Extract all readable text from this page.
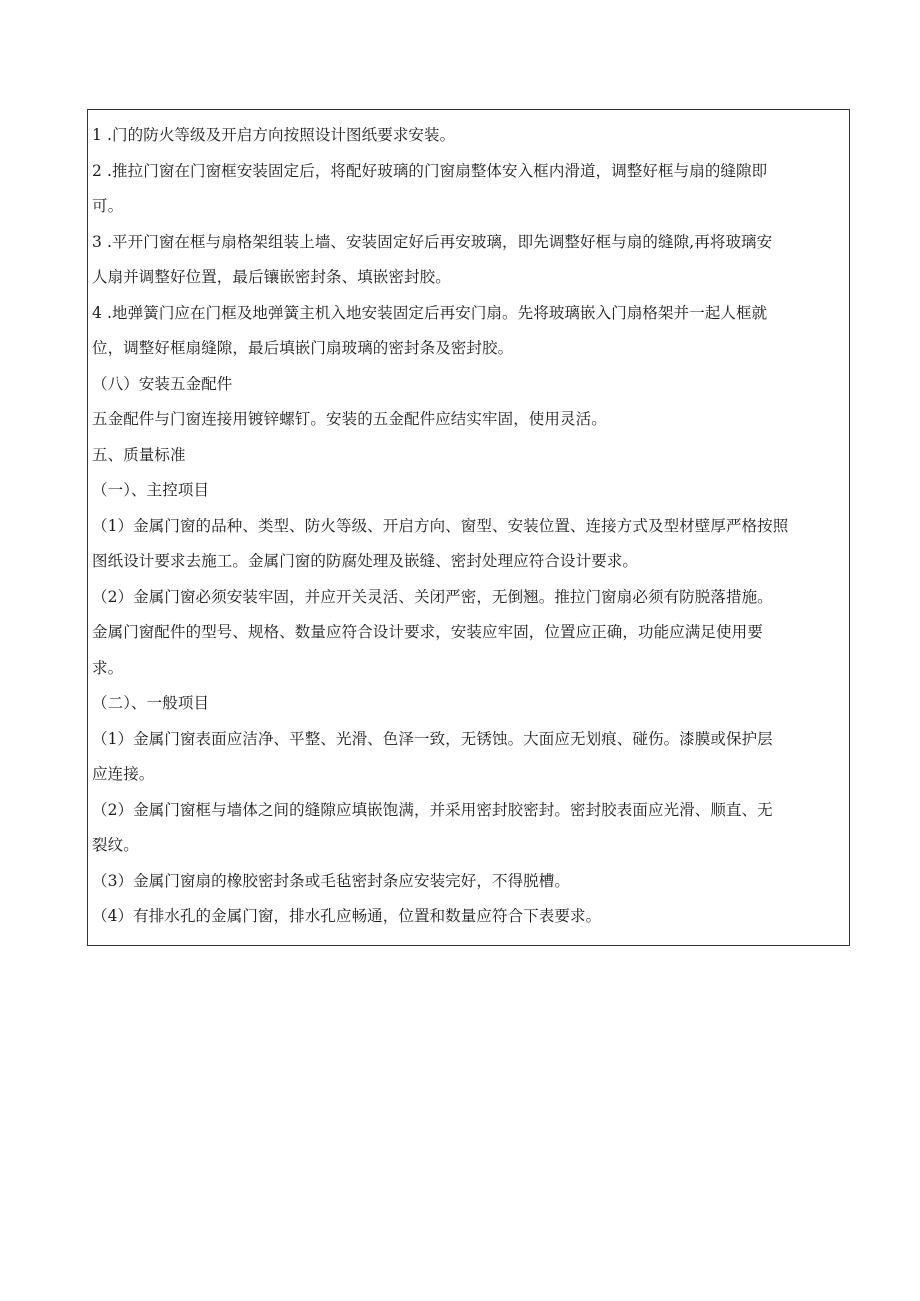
1 .门的防火等级及开启方向按照设计图纸要求安装。

2 .推拉门窗在门窗框安装固定后，将配好玻璃的门窗扇整体安入框内滑道，调整好框与扇的缝隙即
可。

3 .平开门窗在框与扇格架组装上墙、安装固定好后再安玻璃，即先调整好框与扇的缝隙,再将玻璃安
人扇并调整好位置，最后镶嵌密封条、填嵌密封胶。

4 .地弹簧门应在门框及地弹簧主机入地安装固定后再安门扇。先将玻璃嵌入门扇格架并一起人框就
位，调整好框扇缝隙，最后填嵌门扇玻璃的密封条及密封胶。

（八）安装五金配件

五金配件与门窗连接用镀锌螺钉。安装的五金配件应结实牢固，使用灵活。

五、质量标准

（一）、主控项目

（1）金属门窗的品种、类型、防火等级、开启方向、窗型、安装位置、连接方式及型材壁厚严格按照
图纸设计要求去施工。金属门窗的防腐处理及嵌缝、密封处理应符合设计要求。

（2）金属门窗必须安装牢固，并应开关灵活、关闭严密，无倒翘。推拉门窗扇必须有防脱落措施。
金属门窗配件的型号、规格、数量应符合设计要求，安装应牢固，位置应正确，功能应满足使用要
求。

（二）、一般项目

（1）金属门窗表面应洁净、平整、光滑、色泽一致，无锈蚀。大面应无划痕、碰伤。漆膜或保护层
应连接。

（2）金属门窗框与墙体之间的缝隙应填嵌饱满，并采用密封胶密封。密封胶表面应光滑、顺直、无
裂纹。

（3）金属门窗扇的橡胶密封条或毛毡密封条应安装完好，不得脱槽。

（4）有排水孔的金属门窗，排水孔应畅通，位置和数量应符合下表要求。
